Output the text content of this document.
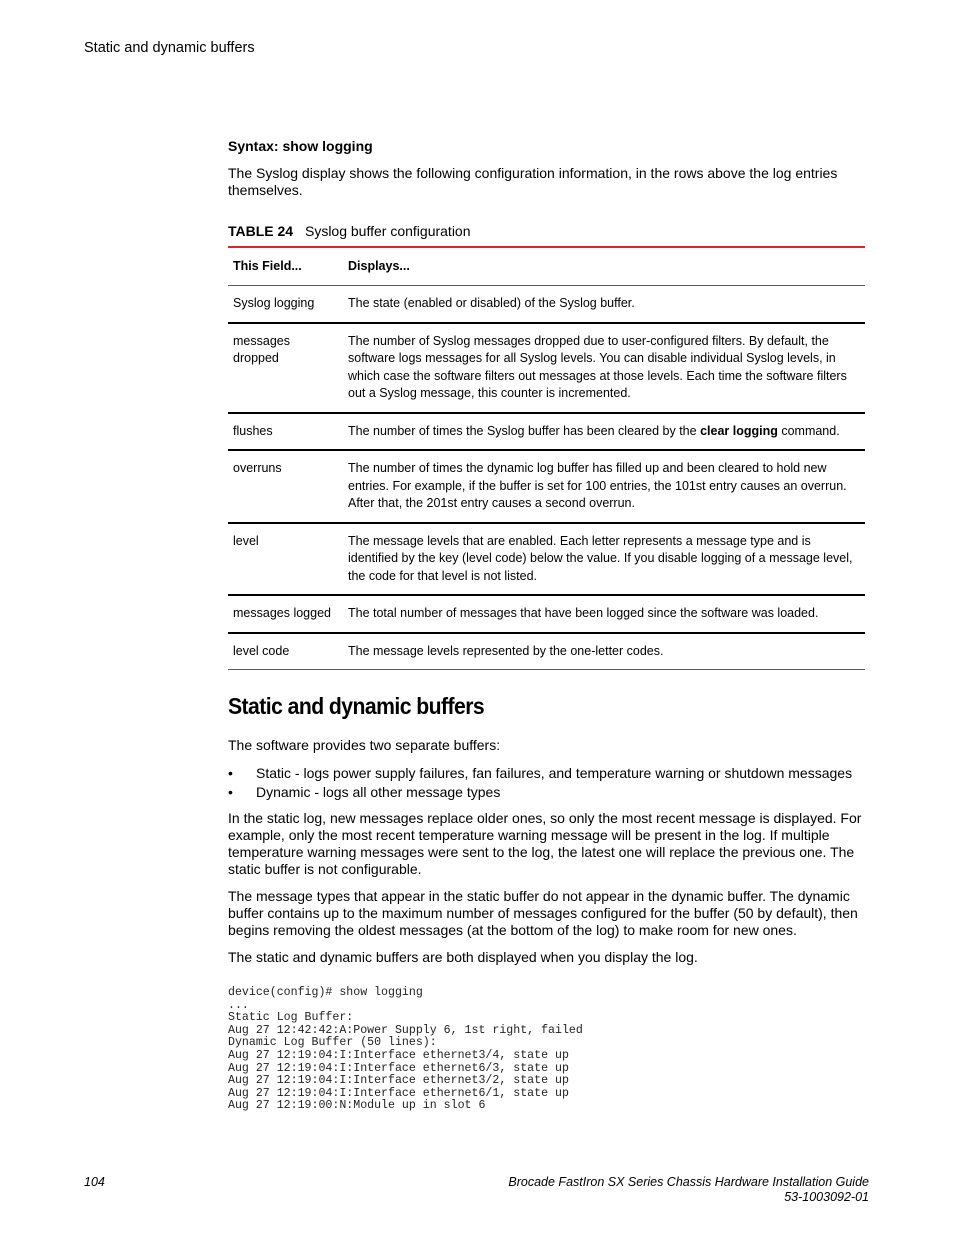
Static and dynamic buffers
Syntax: show logging
The Syslog display shows the following configuration information, in the rows above the log entries themselves.
TABLE 24 Syslog buffer configuration
This Field...	Displays...
Syslog logging	The state (enabled or disabled) of the Syslog buffer.
messages dropped	The number of Syslog messages dropped due to user-configured filters. By default, the software logs messages for all Syslog levels. You can disable individual Syslog levels, in which case the software filters out messages at those levels. Each time the software filters out a Syslog message, this counter is incremented.
flushes	The number of times the Syslog buffer has been cleared by the clear logging command.
overruns	The number of times the dynamic log buffer has filled up and been cleared to hold new entries. For example, if the buffer is set for 100 entries, the 101st entry causes an overrun. After that, the 201st entry causes a second overrun.
level	The message levels that are enabled. Each letter represents a message type and is identified by the key (level code) below the value. If you disable logging of a message level, the code for that level is not listed.
messages logged	The total number of messages that have been logged since the software was loaded.
level code	The message levels represented by the one-letter codes.
Static and dynamic buffers
The software provides two separate buffers:
• Static - logs power supply failures, fan failures, and temperature warning or shutdown messages
• Dynamic - logs all other message types
In the static log, new messages replace older ones, so only the most recent message is displayed. For example, only the most recent temperature warning message will be present in the log. If multiple temperature warning messages were sent to the log, the latest one will replace the previous one. The static buffer is not configurable.
The message types that appear in the static buffer do not appear in the dynamic buffer. The dynamic buffer contains up to the maximum number of messages configured for the buffer (50 by default), then begins removing the oldest messages (at the bottom of the log) to make room for new ones.
The static and dynamic buffers are both displayed when you display the log.
device(config)# show logging
...
Static Log Buffer:
Aug 27 12:42:42:A:Power Supply 6, 1st right, failed
Dynamic Log Buffer (50 lines):
Aug 27 12:19:04:I:Interface ethernet3/4, state up
Aug 27 12:19:04:I:Interface ethernet6/3, state up
Aug 27 12:19:04:I:Interface ethernet3/2, state up
Aug 27 12:19:04:I:Interface ethernet6/1, state up
Aug 27 12:19:00:N:Module up in slot 6
104	Brocade FastIron SX Series Chassis Hardware Installation Guide
53-1003092-01
